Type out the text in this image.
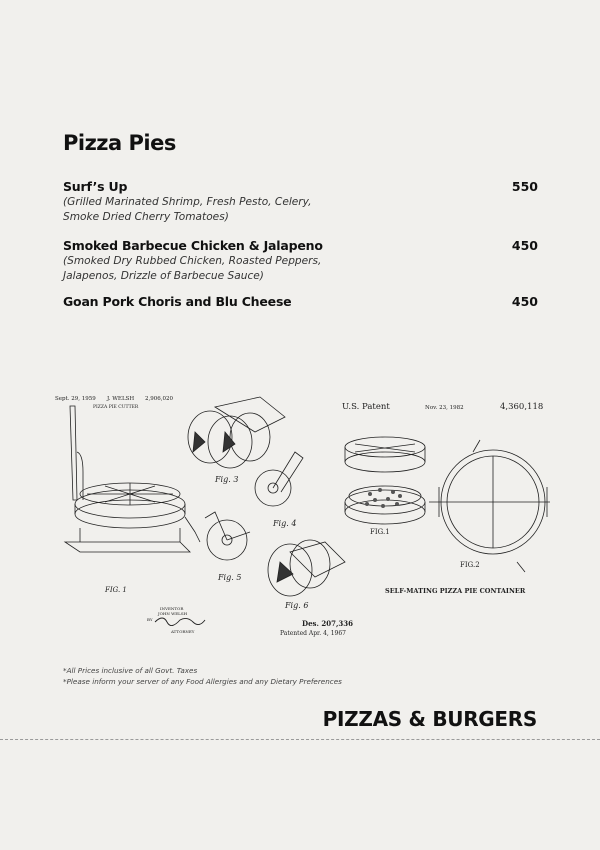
Pizza Pies
Surf’s Up	550
(Grilled Marinated Shrimp, Fresh Pesto, Celery, Smoke Dried Cherry Tomatoes)
Smoked Barbecue Chicken & Jalapeno	450
(Smoked Dry Rubbed Chicken, Roasted Peppers, Jalapenos, Drizzle of Barbecue Sauce)
Goan Pork Choris and Blu Cheese	450
Sept. 29, 1959 J. WELSH 2,906,020
PIZZA PIE CUTTER
FIG. 1
Fig. 3
Fig. 4
Fig. 5
Fig. 6
INVENTOR
JOHN WELSH
BY
ATTORNEY
Des. 207,336
Patented Apr. 4, 1967
U.S. Patent	Nov. 23, 1982	4,360,118
FIG.1
FIG.2
SELF-MATING PIZZA PIE CONTAINER
*All Prices inclusive of all Govt. Taxes
*Please inform your server of any Food Allergies and any Dietary Preferences
PIZZAS & BURGERS
